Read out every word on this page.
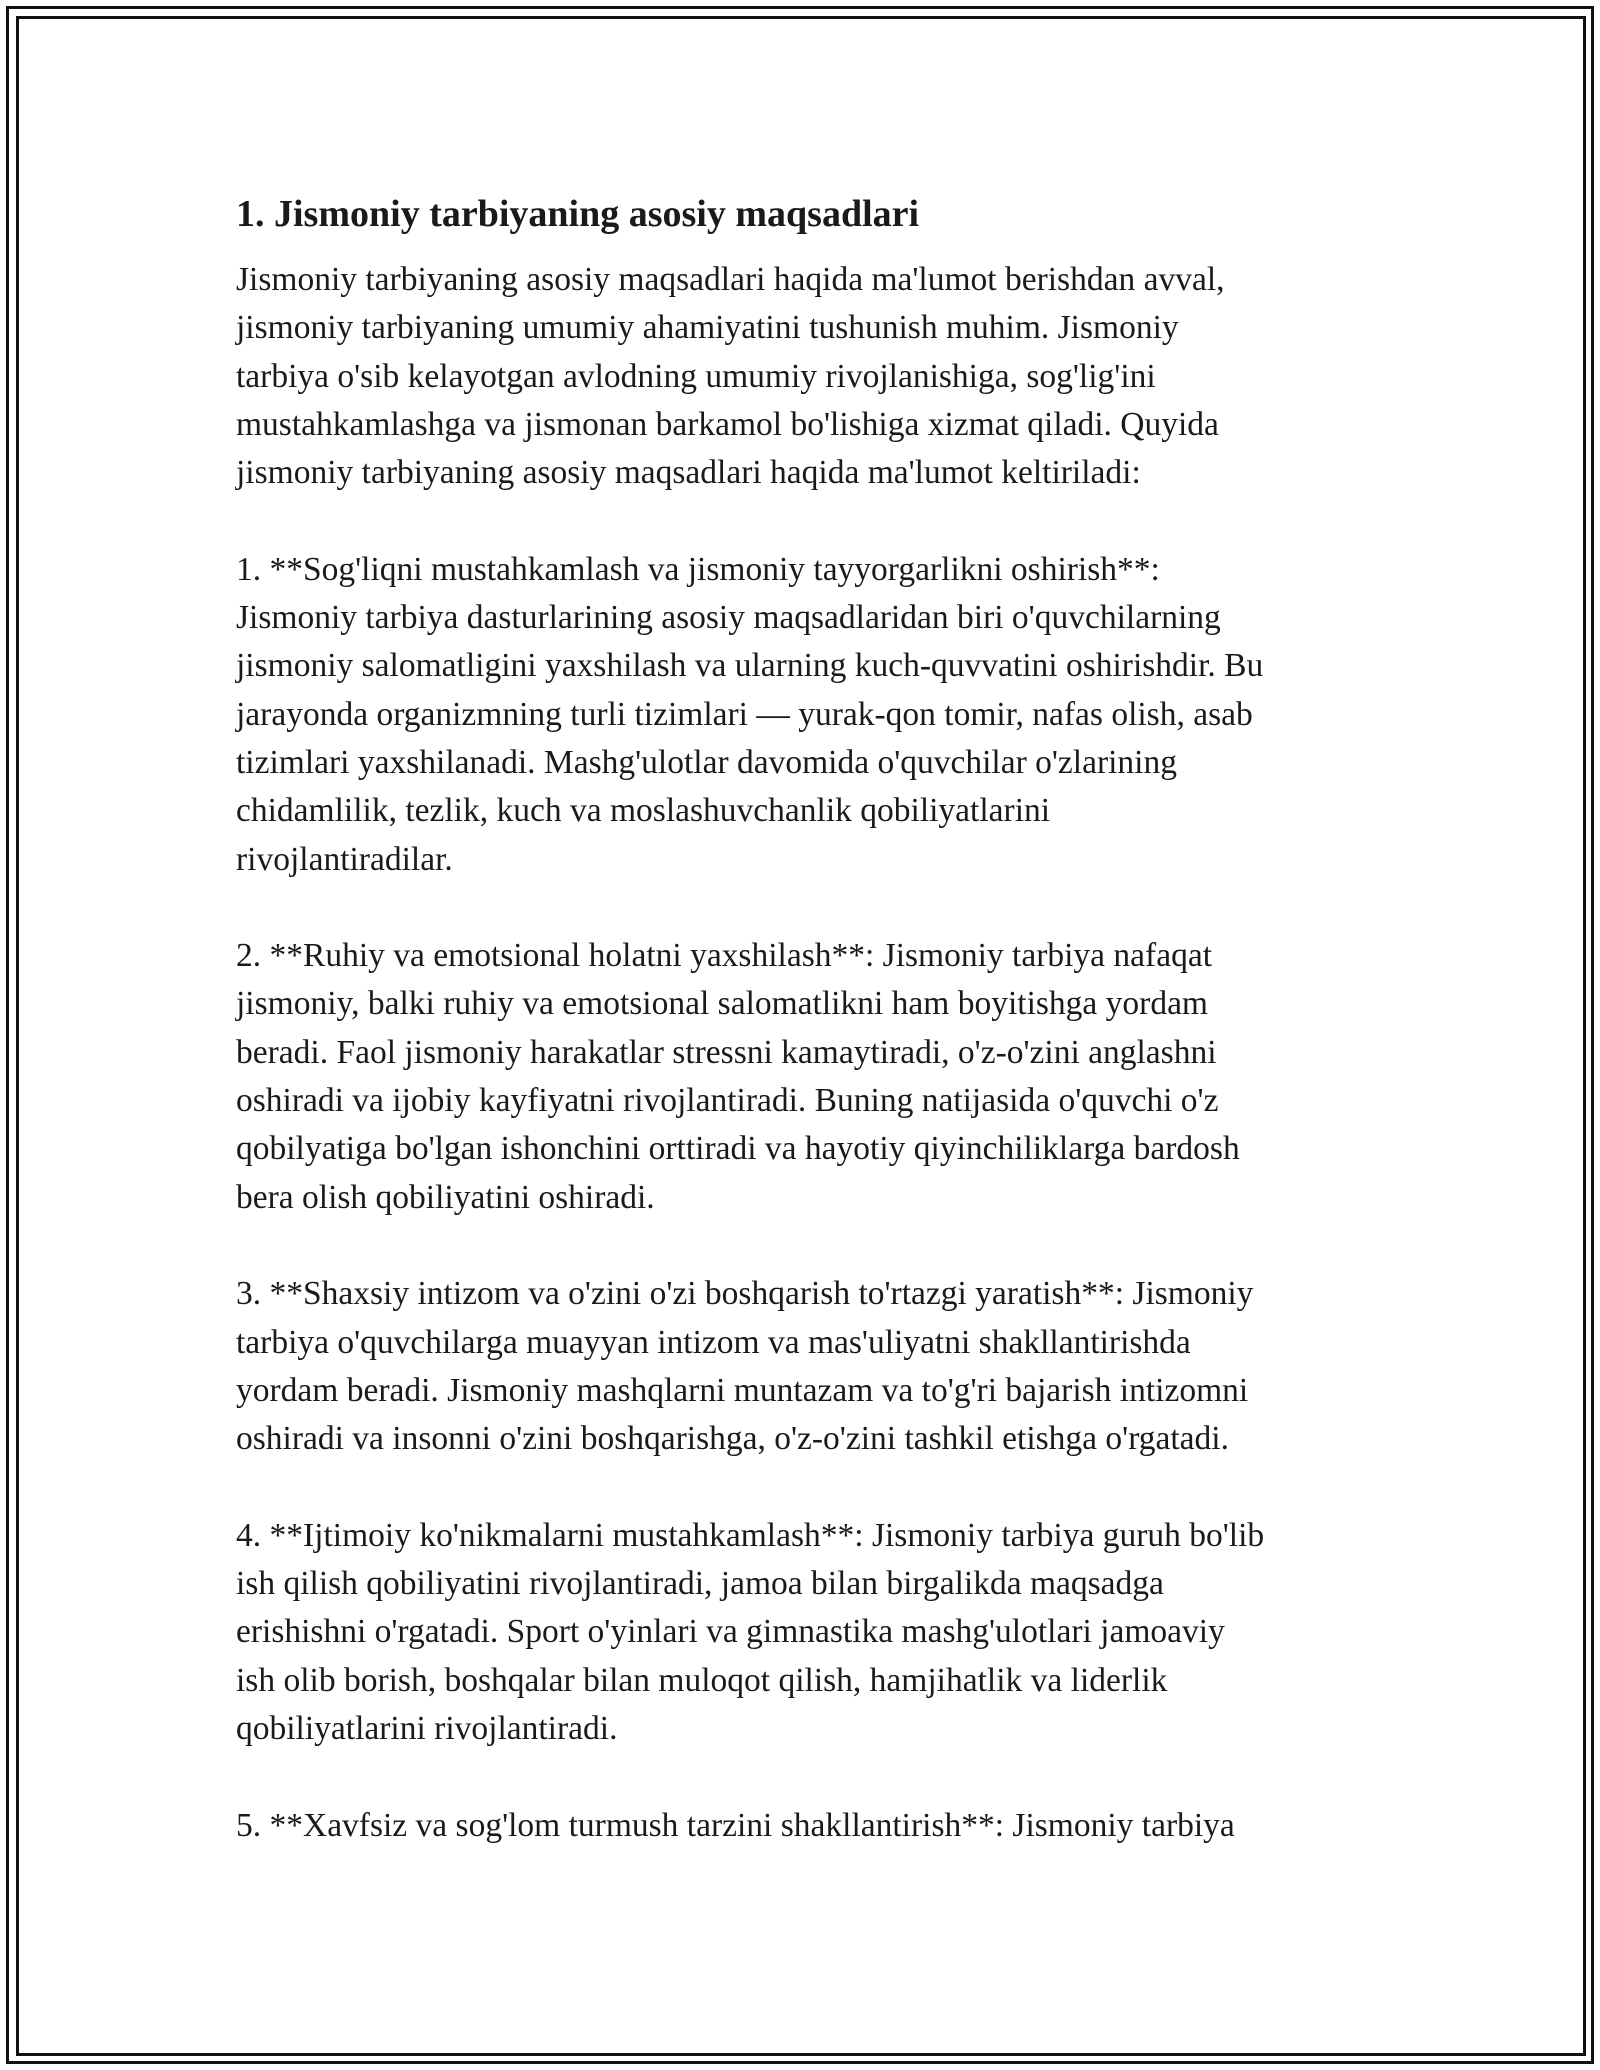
1. Jismoniy tarbiyaning asosiy maqsadlari
Jismoniy tarbiyaning asosiy maqsadlari haqida ma'lumot berishdan avval,
jismoniy tarbiyaning umumiy ahamiyatini tushunish muhim. Jismoniy
tarbiya o'sib kelayotgan avlodning umumiy rivojlanishiga, sog'lig'ini
mustahkamlashga va jismonan barkamol bo'lishiga xizmat qiladi. Quyida
jismoniy tarbiyaning asosiy maqsadlari haqida ma'lumot keltiriladi:
1. **Sog'liqni mustahkamlash va jismoniy tayyorgarlikni oshirish**:
Jismoniy tarbiya dasturlarining asosiy maqsadlaridan biri o'quvchilarning
jismoniy salomatligini yaxshilash va ularning kuch-quvvatini oshirishdir. Bu
jarayonda organizmning turli tizimlari — yurak-qon tomir, nafas olish, asab
tizimlari yaxshilanadi. Mashg'ulotlar davomida o'quvchilar o'zlarining
chidamlilik, tezlik, kuch va moslashuvchanlik qobiliyatlarini
rivojlantiradilar.
2. **Ruhiy va emotsional holatni yaxshilash**: Jismoniy tarbiya nafaqat
jismoniy, balki ruhiy va emotsional salomatlikni ham boyitishga yordam
beradi. Faol jismoniy harakatlar stressni kamaytiradi, o'z-o'zini anglashni
oshiradi va ijobiy kayfiyatni rivojlantiradi. Buning natijasida o'quvchi o'z
qobilyatiga bo'lgan ishonchini orttiradi va hayotiy qiyinchiliklarga bardosh
bera olish qobiliyatini oshiradi.
3. **Shaxsiy intizom va o'zini o'zi boshqarish to'rtazgi yaratish**: Jismoniy
tarbiya o'quvchilarga muayyan intizom va mas'uliyatni shakllantirishda
yordam beradi. Jismoniy mashqlarni muntazam va to'g'ri bajarish intizomni
oshiradi va insonni o'zini boshqarishga, o'z-o'zini tashkil etishga o'rgatadi.
4. **Ijtimoiy ko'nikmalarni mustahkamlash**: Jismoniy tarbiya guruh bo'lib
ish qilish qobiliyatini rivojlantiradi, jamoa bilan birgalikda maqsadga
erishishni o'rgatadi. Sport o'yinlari va gimnastika mashg'ulotlari jamoaviy
ish olib borish, boshqalar bilan muloqot qilish, hamjihatlik va liderlik
qobiliyatlarini rivojlantiradi.
5. **Xavfsiz va sog'lom turmush tarzini shakllantirish**: Jismoniy tarbiya
